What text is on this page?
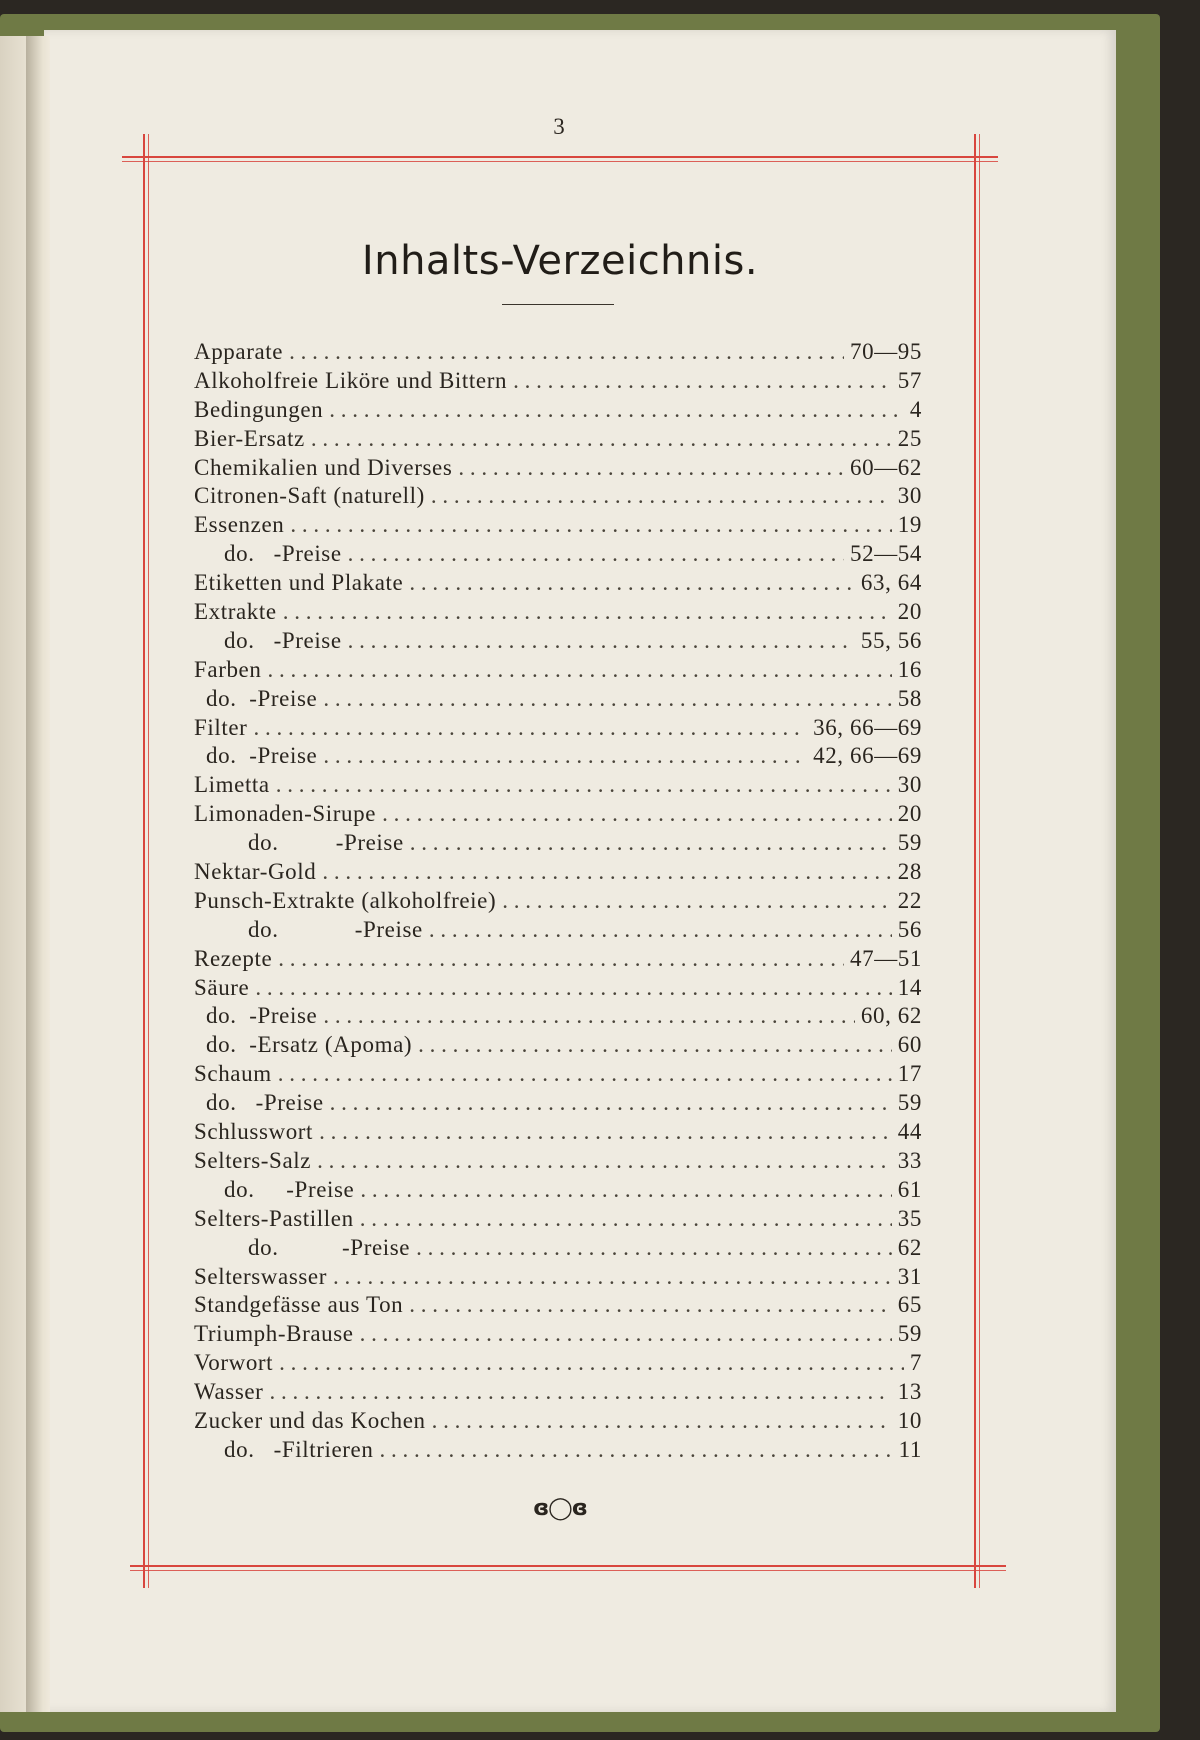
3
Inhalts-Verzeichnis.
Apparate . . .	70—95
Alkoholfreie Liköre und Bittern . . .	57
Bedingungen . . .	4
Bier-Ersatz . . .	25
Chemikalien und Diverses . . .	60—62
Citronen-Saft (naturell) . . .	30
Essenzen . . .	19
do.   -Preise . . .	52—54
Etiketten und Plakate . . .	63, 64
Extrakte . . .	20
do.   -Preise . . .	55, 56
Farben . . .	16
do.  -Preise . . .	58
Filter . . .	36, 66—69
do.  -Preise . . .	42, 66—69
Limetta . . .	30
Limonaden-Sirupe . . .	20
do.         -Preise . . .	59
Nektar-Gold . . .	28
Punsch-Extrakte (alkoholfreie) . . .	22
do.            -Preise . . .	56
Rezepte . . .	47—51
Säure . . .	14
do.  -Preise . . .	60, 62
do.  -Ersatz (Apoma) . . .	60
Schaum . . .	17
do.   -Preise . . .	59
Schlusswort . . .	44
Selters-Salz . . .	33
do.     -Preise . . .	61
Selters-Pastillen . . .	35
do.          -Preise . . .	62
Selterswasser . . .	31
Standgefässe aus Ton . . .	65
Triumph-Brause . . .	59
Vorwort . . .	7
Wasser . . .	13
Zucker und das Kochen . . .	10
do.   -Filtrieren . . .	11
ɞ◯ɞ
